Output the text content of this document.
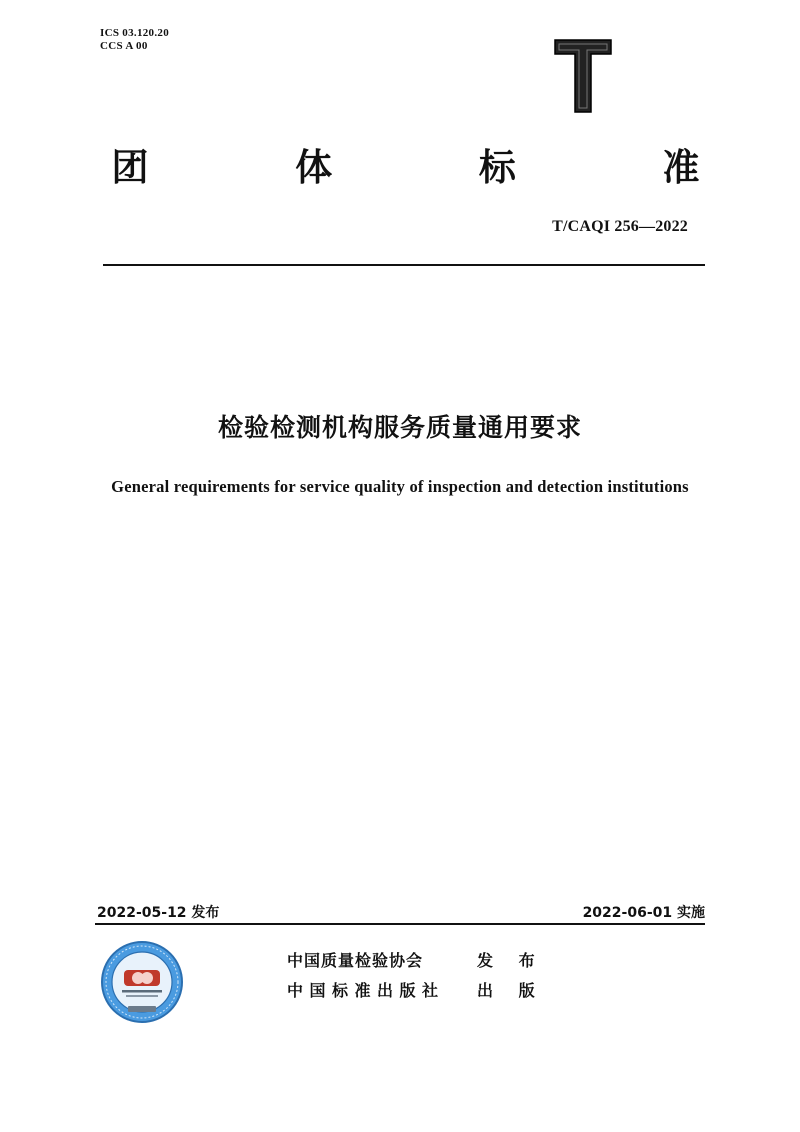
ICS 03.120.20
CCS A 00
团	体	标	准
T/CAQI 256—2022
检验检测机构服务质量通用要求
General requirements for service quality of inspection and detection institutions
2022-05-12 发布	2022-06-01 实施
中国质量检验协会	发 布
中国标准出版社	出 版
